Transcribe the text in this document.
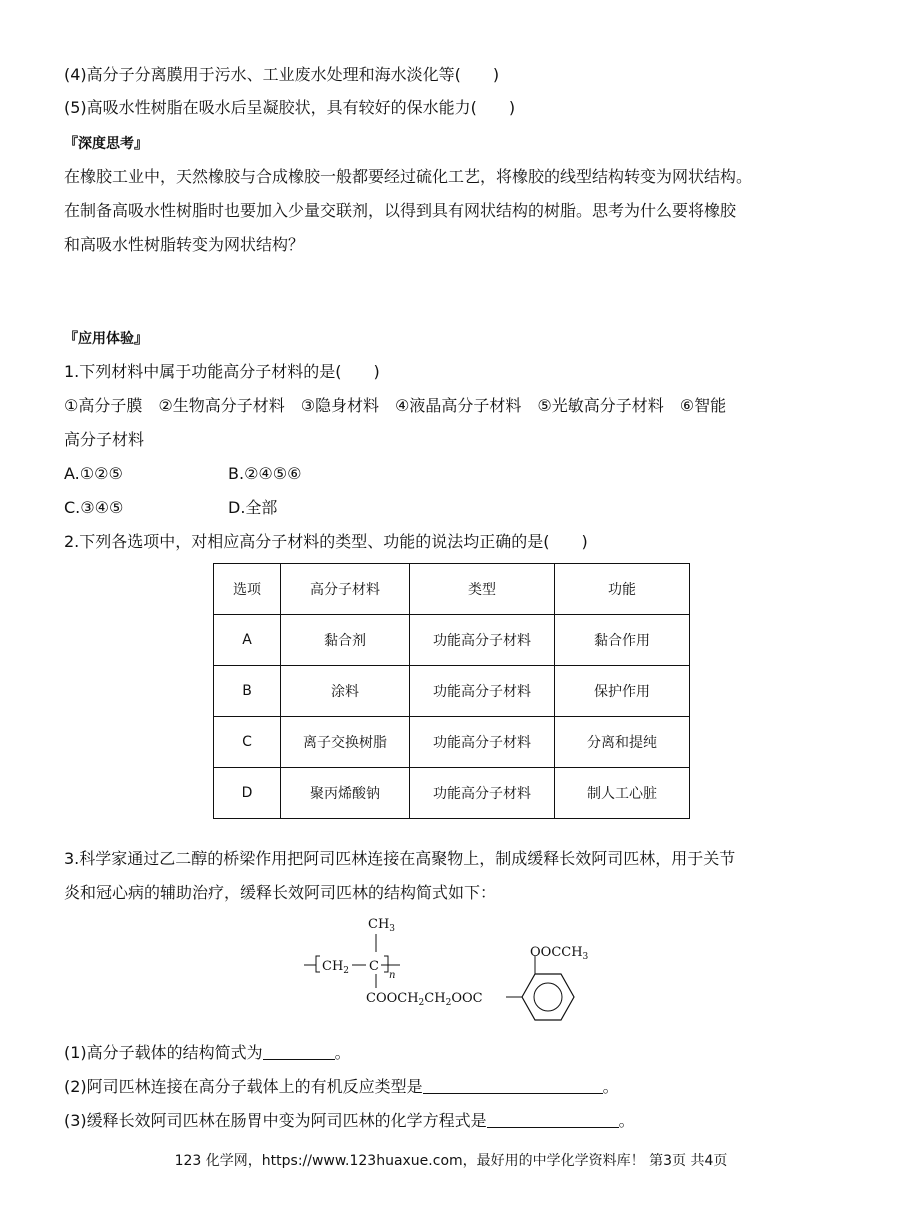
(4)高分子分离膜用于污水、工业废水处理和海水淡化等(　　)
(5)高吸水性树脂在吸水后呈凝胶状，具有较好的保水能力(　　)
『深度思考』
在橡胶工业中，天然橡胶与合成橡胶一般都要经过硫化工艺，将橡胶的线型结构转变为网状结构。
在制备高吸水性树脂时也要加入少量交联剂，以得到具有网状结构的树脂。思考为什么要将橡胶
和高吸水性树脂转变为网状结构？
『应用体验』
1.下列材料中属于功能高分子材料的是(　　)
①高分子膜　②生物高分子材料　③隐身材料　④液晶高分子材料　⑤光敏高分子材料　⑥智能
高分子材料
A.①②⑤	B.②④⑤⑥
C.③④⑤	D.全部
2.下列各选项中，对相应高分子材料的类型、功能的说法均正确的是(　　)
选项	高分子材料	类型	功能
A	黏合剂	功能高分子材料	黏合作用
B	涂料	功能高分子材料	保护作用
C	离子交换树脂	功能高分子材料	分离和提纯
D	聚丙烯酸钠	功能高分子材料	制人工心脏
3.科学家通过乙二醇的桥梁作用把阿司匹林连接在高聚物上，制成缓释长效阿司匹林，用于关节
炎和冠心病的辅助治疗，缓释长效阿司匹林的结构简式如下：
$CH_3$
$CH_2$ C
n
$COOCH_2CH_2OOC$
$OOCCH_3$
(1)高分子载体的结构简式为	。
(2)阿司匹林连接在高分子载体上的有机反应类型是	。
(3)缓释长效阿司匹林在肠胃中变为阿司匹林的化学方程式是	。
123 化学网，https://www.123huaxue.com，最好用的中学化学资料库！ 第3页 共4页
